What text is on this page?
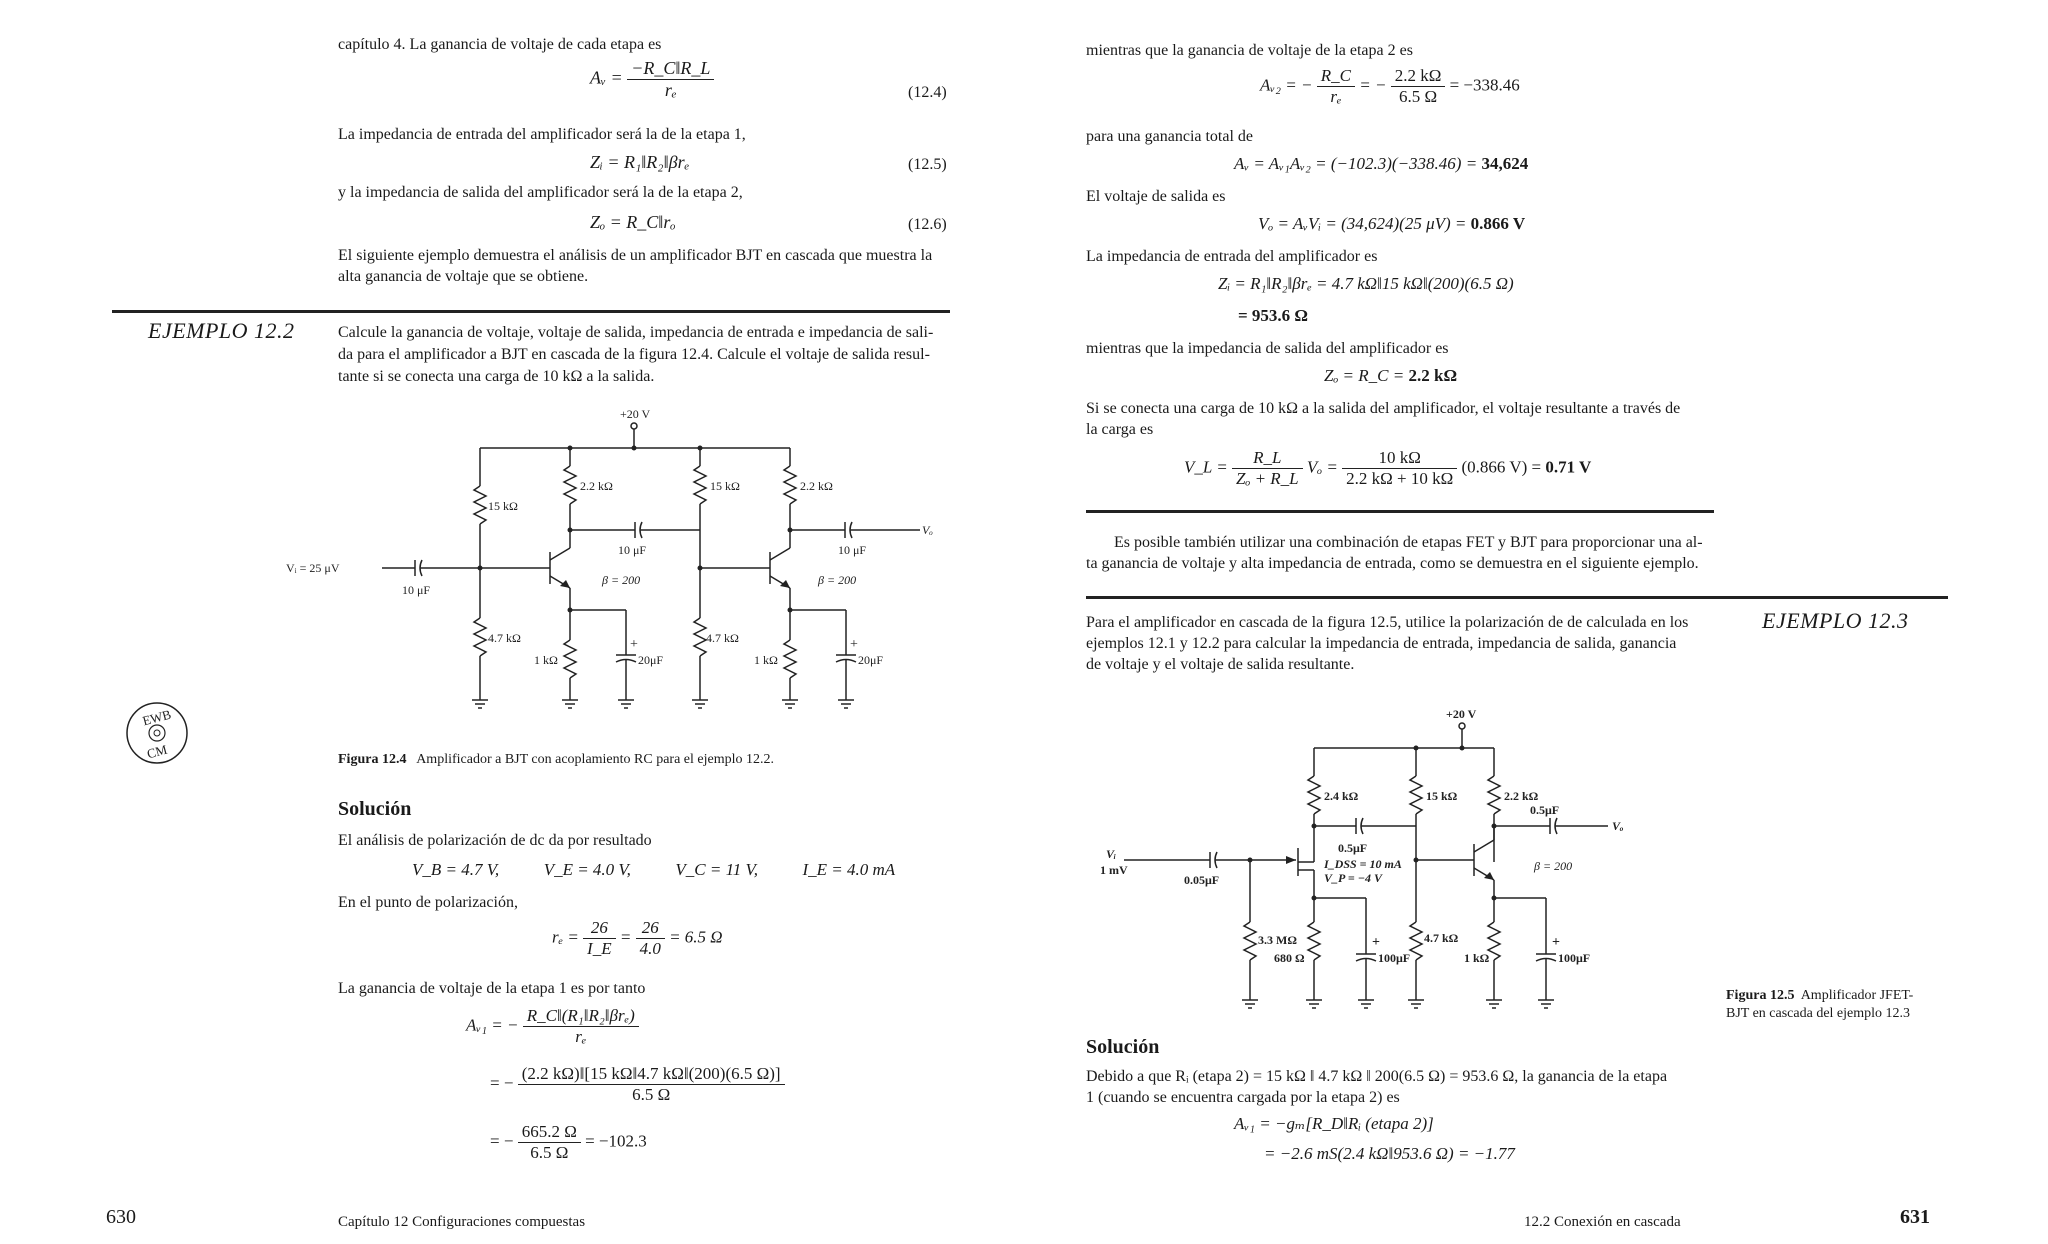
capítulo 4. La ganancia de voltaje de cada etapa es
Aᵥ = $\frac{-R\_C‖R\_L}{\text{rₑ}}$	(12.4)
La impedancia de entrada del amplificador será la de la etapa 1,
Zᵢ = R₁‖R₂‖βrₑ	(12.5)
y la impedancia de salida del amplificador será la de la etapa 2,
Zₒ = R_C‖rₒ	(12.6)
El siguiente ejemplo demuestra el análisis de un amplificador BJT en cascada que muestra la
alta ganancia de voltaje que se obtiene.
EJEMPLO 12.2	Calcule la ganancia de voltaje, voltaje de salida, impedancia de entrada e impedancia de sali-
da para el amplificador a BJT en cascada de la figura 12.4. Calcule el voltaje de salida resul-
tante si se conecta una carga de 10 kΩ a la salida.
+20 V
15 kΩ
2.2 kΩ	15 kΩ	2.2 kΩ
10 μF	10 μF
10 μF
Vᵢ = 25 μV
Vₒ
β = 200	β = 200
4.7 kΩ
1 kΩ	20μF
4.7 kΩ
1 kΩ	20μF
+	+
EWB
CM	Figura 12.4 Amplificador a BJT con acoplamiento RC para el ejemplo 12.2.
Solución
El análisis de polarización de dc da por resultado
V_B = 4.7 V,	V_E = 4.0 V,	V_C = 11 V,	I_E = 4.0 mA
En el punto de polarización,
$r_e = \frac{26}{I\_E} = \frac{26}{4.0} = 6.5$ Ω
La ganancia de voltaje de la etapa 1 es por tanto
Aᵥ₁ = − $\frac{\text{R\_C‖(R₁‖R₂‖βrₑ)}}{\text{rₑ}}$
= − $\frac{(2.2 k\Omega)‖[15 k\Omega‖4.7 k\Omega‖(200)(6.5 \Omega)]}{6.5 \Omega}$
= − $\frac{665.2 \Omega}{6.5 \Omega} = -102.3$
630	Capítulo 12 Configuraciones compuestas
mientras que la ganancia de voltaje de la etapa 2 es
Aᵥ₂ = − $\frac{R\_C}{\text{rₑ}}$ = − $\frac{2.2 k\Omega}{6.5 \Omega} = -338.46$
para una ganancia total de
Aᵥ = Aᵥ₁Aᵥ₂ = (−102.3)(−338.46) = 34,624
El voltaje de salida es
Vₒ = AᵥVᵢ = (34,624)(25 μV) = 0.866 V
La impedancia de entrada del amplificador es
Zᵢ = R₁‖R₂‖βrₑ = 4.7 kΩ‖15 kΩ‖(200)(6.5 Ω)
= 953.6 Ω
mientras que la impedancia de salida del amplificador es
Zₒ = R_C = 2.2 kΩ
Si se conecta una carga de 10 kΩ a la salida del amplificador, el voltaje resultante a través de
la carga es
V_L = $\frac{R\_L}{\text{Zₒ + R\_L}}$ $V_o = \frac{10 k\Omega}{2.2 k\Omega + 10 k\Omega} (0.866$ V) = 0.71 V
Es posible también utilizar una combinación de etapas FET y BJT para proporcionar una al-
ta ganancia de voltaje y alta impedancia de entrada, como se demuestra en el siguiente ejemplo.
Para el amplificador en cascada de la figura 12.5, utilice la polarización de de calculada en los
ejemplos 12.1 y 12.2 para calcular la impedancia de entrada, impedancia de salida, ganancia
de voltaje y el voltaje de salida resultante.
EJEMPLO 12.3
+20 V
2.4 kΩ	15 kΩ	2.2 kΩ
0.5μF
0.5μF
Vₒ
Vᵢ
1 mV
0.05μF
I_DSS = 10 mA
V_P = −4 V
β = 200
3.3 MΩ
680 Ω	100μF
4.7 kΩ
1 kΩ	100μF
+	+
Figura 12.5 Amplificador JFET-
BJT en cascada del ejemplo 12.3
Solución
Debido a que Rᵢ (etapa 2) = 15 kΩ ‖ 4.7 kΩ ‖ 200(6.5 Ω) = 953.6 Ω, la ganancia de la etapa
1 (cuando se encuentra cargada por la etapa 2) es
Aᵥ₁ = −gₘ[R_D‖Rᵢ (etapa 2)]
= −2.6 mS(2.4 kΩ‖953.6 Ω) = −1.77
12.2 Conexión en cascada	631
